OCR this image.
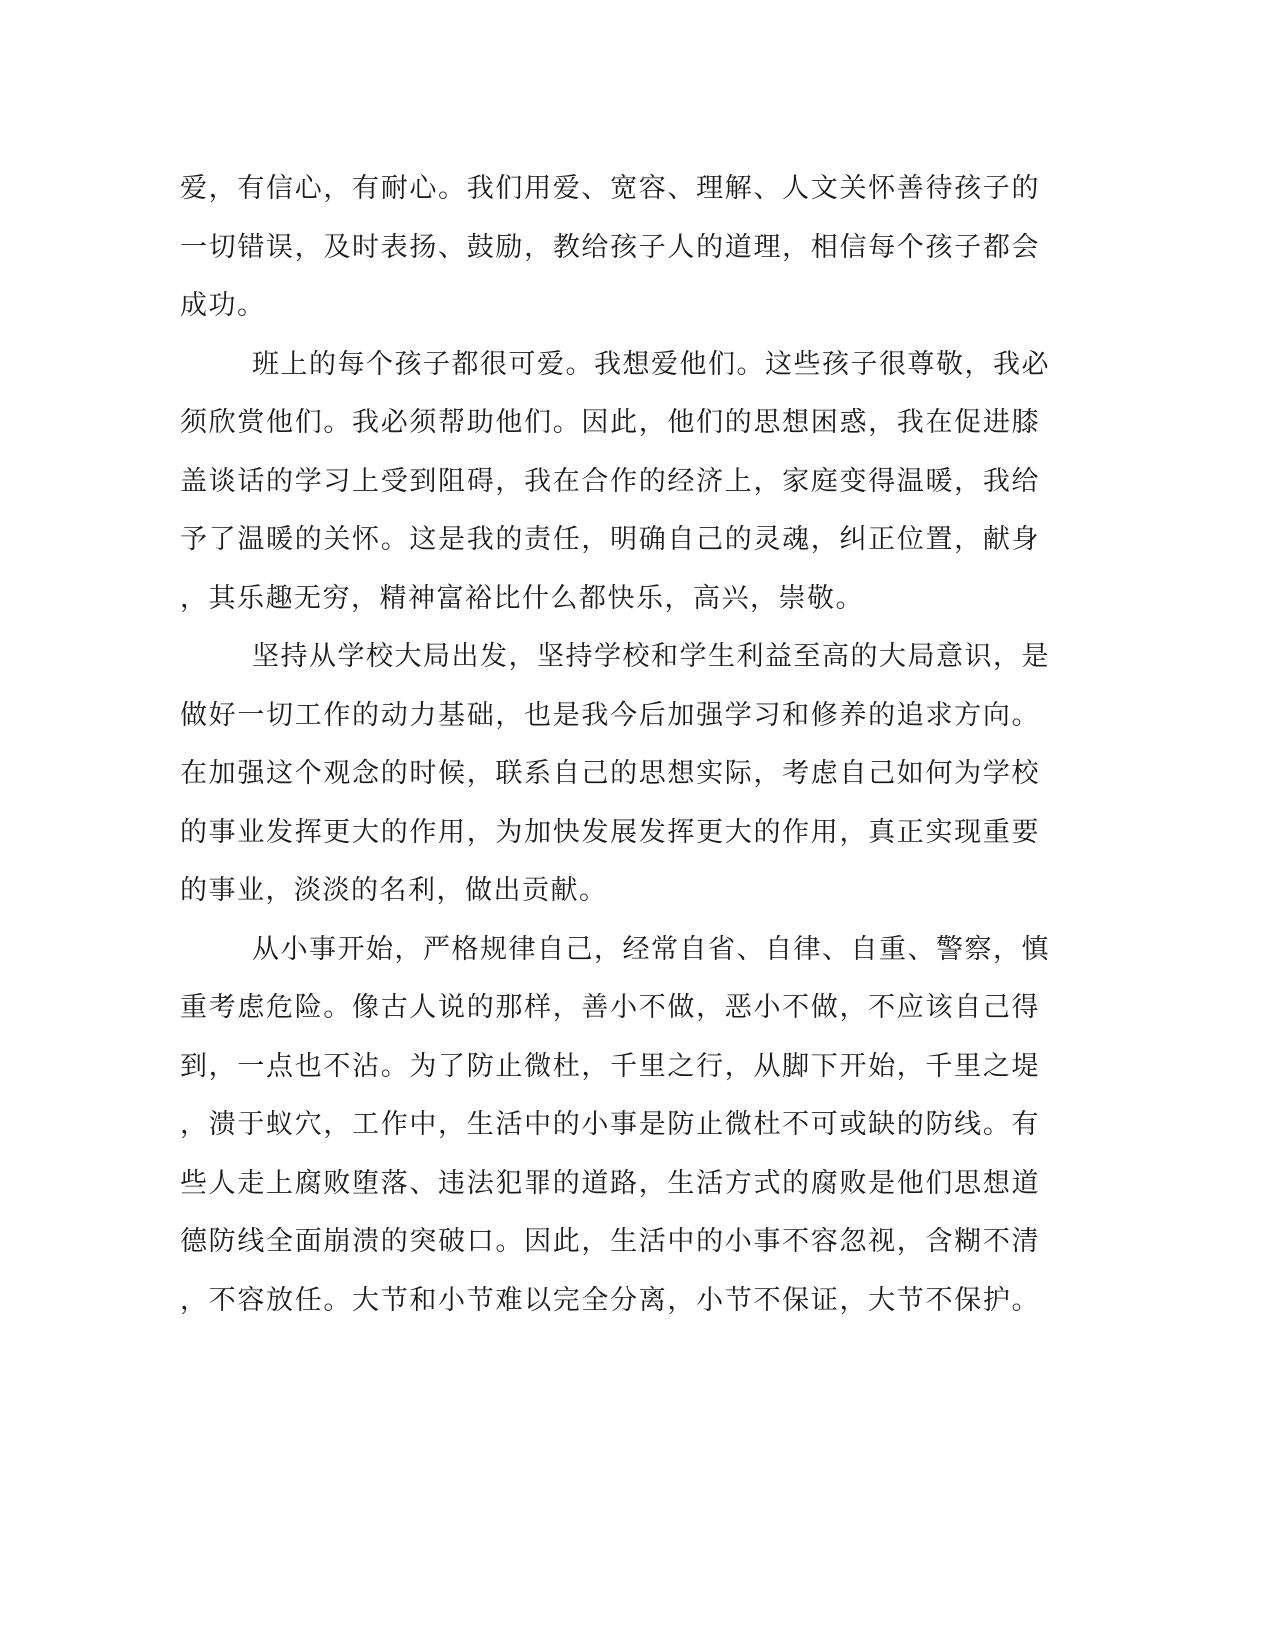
爱，有信心，有耐心。我们用爱、宽容、理解、人文关怀善待孩子的
一切错误，及时表扬、鼓励，教给孩子人的道理，相信每个孩子都会
成功。
班上的每个孩子都很可爱。我想爱他们。这些孩子很尊敬，我必
须欣赏他们。我必须帮助他们。因此，他们的思想困惑，我在促进膝
盖谈话的学习上受到阻碍，我在合作的经济上，家庭变得温暖，我给
予了温暖的关怀。这是我的责任，明确自己的灵魂，纠正位置，献身
，其乐趣无穷，精神富裕比什么都快乐，高兴，崇敬。
坚持从学校大局出发，坚持学校和学生利益至高的大局意识，是
做好一切工作的动力基础，也是我今后加强学习和修养的追求方向。
在加强这个观念的时候，联系自己的思想实际，考虑自己如何为学校
的事业发挥更大的作用，为加快发展发挥更大的作用，真正实现重要
的事业，淡淡的名利，做出贡献。
从小事开始，严格规律自己，经常自省、自律、自重、警察，慎
重考虑危险。像古人说的那样，善小不做，恶小不做，不应该自己得
到，一点也不沾。为了防止微杜，千里之行，从脚下开始，千里之堤
，溃于蚁穴，工作中，生活中的小事是防止微杜不可或缺的防线。有
些人走上腐败堕落、违法犯罪的道路，生活方式的腐败是他们思想道
德防线全面崩溃的突破口。因此，生活中的小事不容忽视，含糊不清
，不容放任。大节和小节难以完全分离，小节不保证，大节不保护。
